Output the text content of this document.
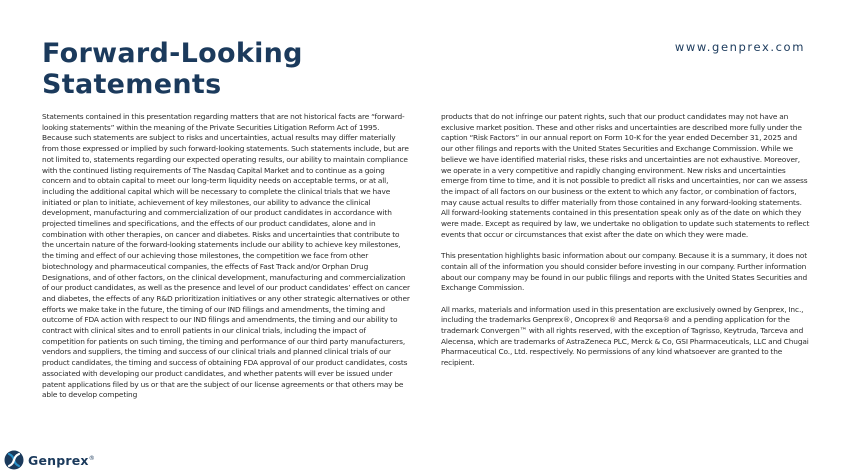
Forward-Looking
Statements
www.genprex.com

Statements contained in this presentation regarding matters that are not historical facts are “forward-looking statements” within the meaning of the Private Securities Litigation Reform Act of 1995. Because such statements are subject to risks and uncertainties, actual results may differ materially from those expressed or implied by such forward-looking statements. Such statements include, but are not limited to, statements regarding our expected operating results, our ability to maintain compliance with the continued listing requirements of The Nasdaq Capital Market and to continue as a going concern and to obtain capital to meet our long-term liquidity needs on acceptable terms, or at all, including the additional capital which will be necessary to complete the clinical trials that we have initiated or plan to initiate, achievement of key milestones, our ability to advance the clinical development, manufacturing and commercialization of our product candidates in accordance with projected timelines and specifications, and the effects of our product candidates, alone and in combination with other therapies, on cancer and diabetes. Risks and uncertainties that contribute to the uncertain nature of the forward-looking statements include our ability to achieve key milestones, the timing and effect of our achieving those milestones, the competition we face from other biotechnology and pharmaceutical companies, the effects of Fast Track and/or Orphan Drug Designations, and of other factors, on the clinical development, manufacturing and commercialization of our product candidates, as well as the presence and level of our product candidates’ effect on cancer and diabetes, the effects of any R&D prioritization initiatives or any other strategic alternatives or other efforts we make take in the future, the timing of our IND filings and amendments, the timing and outcome of FDA action with respect to our IND filings and amendments, the timing and our ability to contract with clinical sites and to enroll patients in our clinical trials, including the impact of competition for patients on such timing, the timing and performance of our third party manufacturers, vendors and suppliers, the timing and success of our clinical trials and planned clinical trials of our product candidates, the timing and success of obtaining FDA approval of our product candidates, costs associated with developing our product candidates, and whether patents will ever be issued under patent applications filed by us or that are the subject of our license agreements or that others may be able to develop competing

products that do not infringe our patent rights, such that our product candidates may not have an exclusive market position. These and other risks and uncertainties are described more fully under the caption “Risk Factors” in our annual report on Form 10-K for the year ended December 31, 2025 and our other filings and reports with the United States Securities and Exchange Commission. While we believe we have identified material risks, these risks and uncertainties are not exhaustive. Moreover, we operate in a very competitive and rapidly changing environment. New risks and uncertainties emerge from time to time, and it is not possible to predict all risks and uncertainties, nor can we assess the impact of all factors on our business or the extent to which any factor, or combination of factors, may cause actual results to differ materially from those contained in any forward-looking statements. All forward-looking statements contained in this presentation speak only as of the date on which they were made. Except as required by law, we undertake no obligation to update such statements to reflect events that occur or circumstances that exist after the date on which they were made.

This presentation highlights basic information about our company. Because it is a summary, it does not contain all of the information you should consider before investing in our company. Further information about our company may be found in our public filings and reports with the United States Securities and Exchange Commission.

All marks, materials and information used in this presentation are exclusively owned by Genprex, Inc., including the trademarks Genprex®, Oncoprex® and Reqorsa® and a pending application for the trademark Convergen™ with all rights reserved, with the exception of Tagrisso, Keytruda, Tarceva and Alecensa, which are trademarks of AstraZeneca PLC, Merck & Co, GSI Pharmaceuticals, LLC and Chugai Pharmaceutical Co., Ltd. respectively. No permissions of any kind whatsoever are granted to the recipient.

Genprex®
